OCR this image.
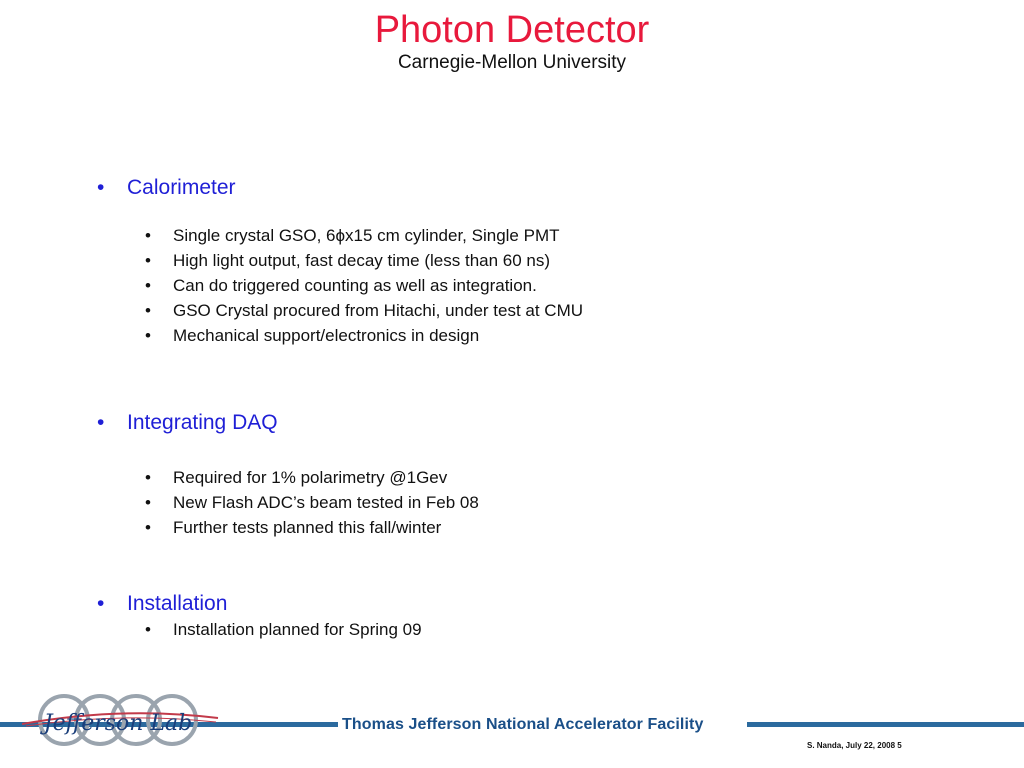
Photon Detector
Carnegie-Mellon University
• Calorimeter
• Single crystal GSO, 6ϕx15 cm cylinder, Single PMT
• High light output, fast decay time (less than 60 ns)
• Can do triggered counting as well as integration.
• GSO Crystal procured from Hitachi, under test at CMU
• Mechanical support/electronics in design
• Integrating DAQ
• Required for 1% polarimetry @1Gev
• New Flash ADC’s beam tested in Feb 08
• Further tests planned this fall/winter
• Installation
• Installation planned for Spring 09
Jefferson Lab	Thomas Jefferson National Accelerator Facility
S. Nanda, July 22, 2008 5
